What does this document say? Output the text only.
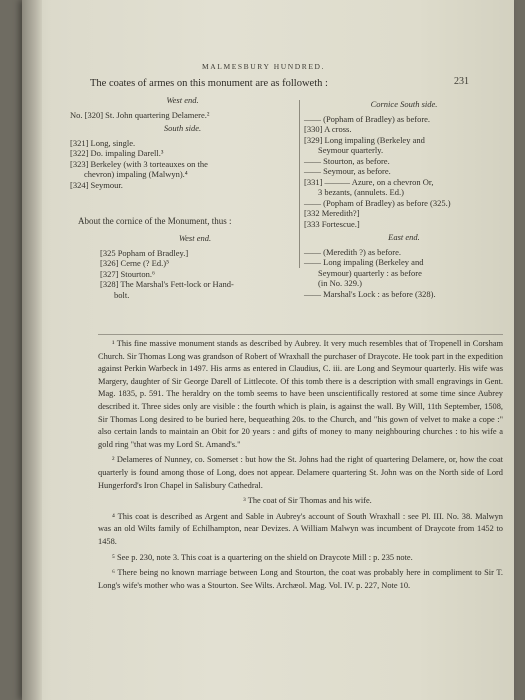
MALMESBURY HUNDRED.
231
The coates of armes on this monument are as followeth :
West end.
No. [320] St. John quartering Delamere.²
South side.
[321] Long, single.
[322] Do. impaling Darell.³
[323] Berkeley (with 3 torteauxes on the
chevron) impaling (Malwyn).⁴
[324] Seymour.
About the cornice of the Monument, thus :
West end.
[325 Popham of Bradley.]
[326] Cerne (? Ed.)⁵
[327] Stourton.⁶
[328] The Marshal's Fett-lock or Hand-
bolt.
Cornice South side.
—— (Popham of Bradley) as before.
[330] A cross.
[329] Long impaling (Berkeley and
Seymour quarterly.
—— Stourton, as before.
—— Seymour, as before.
[331] ——— Azure, on a chevron Or,
3 bezants, (annulets. Ed.)
—— (Popham of Bradley) as before (325.)
[332 Meredith?]
[333 Fortescue.]
East end.
—— (Meredith ?) as before.
—— Long impaling (Berkeley and
Seymour) quarterly : as before
(in No. 329.)
—— Marshal's Lock : as before (328).

¹ This fine massive monument stands as described by Aubrey. It very much resembles that of Tropenell in Corsham Church. Sir Thomas Long was grandson of Robert of Wraxhall the purchaser of Draycote. He took part in the expedition against Perkin Warbeck in 1497. His arms as entered in Claudius, C. iii. are Long and Seymour quarterly. His wife was Margery, daughter of Sir George Darell of Littlecote. Of this tomb there is a description with small engravings in Gent. Mag. 1835, p. 591. The heraldry on the tomb seems to have been unscientifically restored at some time since Aubrey described it. Three sides only are visible : the fourth which is plain, is against the wall. By Will, 11th September, 1508, Sir Thomas Long desired to be buried here, bequeathing 20s. to the Church, and "his gown of velvet to make a cope :" also certain lands to maintain an Obit for 20 years : and gifts of money to many neighbouring churches : to his wife a gold ring "that was my Lord St. Amand's."

² Delameres of Nunney, co. Somerset : but how the St. Johns had the right of quartering Delamere, or, how the coat quarterly is found among those of Long, does not appear. Delamere quartering St. John was on the North side of Lord Hungerford's Iron Chapel in Salisbury Cathedral.

³ The coat of Sir Thomas and his wife.

⁴ This coat is described as Argent and Sable in Aubrey's account of South Wraxhall : see Pl. III. No. 38. Malwyn was an old Wilts family of Echilhampton, near Devizes. A William Malwyn was incumbent of Draycote from 1452 to 1458.

⁵ See p. 230, note 3. This coat is a quartering on the shield on Draycote Mill : p. 235 note.

⁶ There being no known marriage between Long and Stourton, the coat was probably here in compliment to Sir T. Long's wife's mother who was a Stourton. See Wilts. Archæol. Mag. Vol. IV. p. 227, Note 10.
